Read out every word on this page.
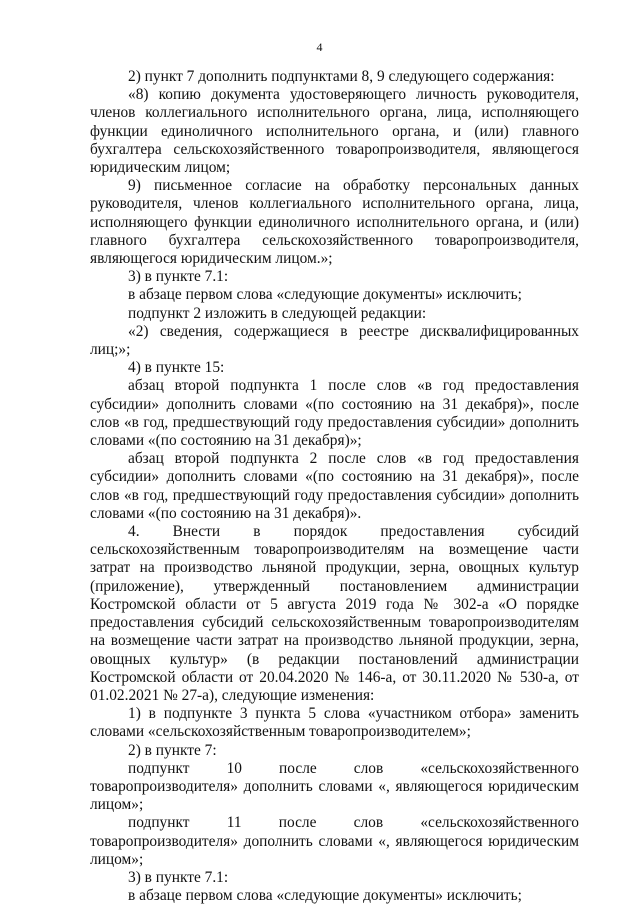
4

2) пункт 7 дополнить подпунктами 8, 9 следующего содержания:

«8) копию документа удостоверяющего личность руководителя, членов коллегиального исполнительного органа, лица, исполняющего функции единоличного исполнительного органа, и (или) главного бухгалтера сельскохозяйственного товаропроизводителя, являющегося юридическим лицом;

9) письменное согласие на обработку персональных данных руководителя, членов коллегиального исполнительного органа, лица, исполняющего функции единоличного исполнительного органа, и (или) главного бухгалтера сельскохозяйственного товаропроизводителя, являющегося юридическим лицом.»;

3) в пункте 7.1:

в абзаце первом слова «следующие документы» исключить;

подпункт 2 изложить в следующей редакции:

«2) сведения, содержащиеся в реестре дисквалифицированных лиц;»;

4) в пункте 15:

абзац второй подпункта 1 после слов «в год предоставления субсидии» дополнить словами «(по состоянию на 31 декабря)», после слов «в год, предшествующий году предоставления субсидии» дополнить словами «(по состоянию на 31 декабря)»;

абзац второй подпункта 2 после слов «в год предоставления субсидии» дополнить словами «(по состоянию на 31 декабря)», после слов «в год, предшествующий году предоставления субсидии» дополнить словами «(по состоянию на 31 декабря)».

4. Внести в порядок предоставления субсидий сельскохозяйственным товаропроизводителям на возмещение части затрат на производство льняной продукции, зерна, овощных культур (приложение), утвержденный постановлением администрации Костромской области от 5 августа 2019 года № 302-а «О порядке предоставления субсидий сельскохозяйственным товаропроизводителям на возмещение части затрат на производство льняной продукции, зерна, овощных культур» (в редакции постановлений администрации Костромской области от 20.04.2020 № 146-а, от 30.11.2020 № 530-а, от 01.02.2021 № 27-а), следующие изменения:

1) в подпункте 3 пункта 5 слова «участником отбора» заменить словами «сельскохозяйственным товаропроизводителем»;

2) в пункте 7:

подпункт 10 после слов «сельскохозяйственного товаропроизводителя» дополнить словами «, являющегося юридическим лицом»;

подпункт 11 после слов «сельскохозяйственного товаропроизводителя» дополнить словами «, являющегося юридическим лицом»;

3) в пункте 7.1:

в абзаце первом слова «следующие документы» исключить;
